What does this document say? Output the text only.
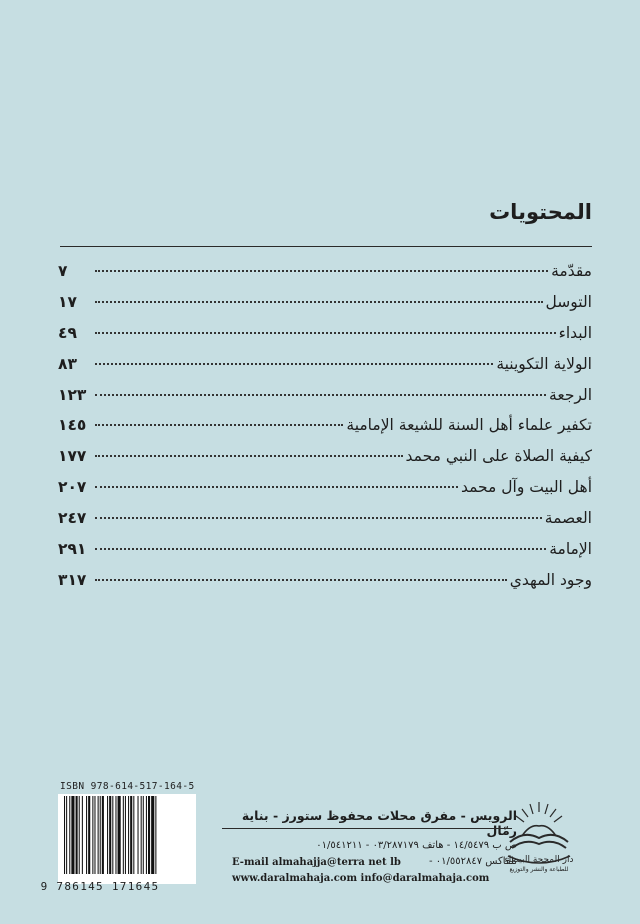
المحتويات
مقدّمة
٧
التوسل
١٧
البداء
٤٩
الولاية التكوينية
٨٣
الرجعة
١٢٣
تكفير علماء أهل السنة للشيعة الإمامية
١٤٥
كيفية الصلاة على النبي محمد
١٧٧
أهل البيت وآل محمد
٢٠٧
العصمة
٢٤٧
الإمامة
٢٩١
وجود المهدي
٣١٧
ISBN 978-614-517-164-5
9 786145 171645
الرويس - مفرق محلات محفوظ ستورز - بناية رمّال
ص ب ١٤/٥٤٧٩ - هاتف ٠٣/٢٨٧١٧٩ - ٠١/٥٤١٢١١
تلفاكس ٠١/٥٥٢٨٤٧ -
E-mail almahajja@terra net lb
www.daralmahaja.com info@daralmahaja.com
دار المحجة البيضاء
للطباعة والنشر والتوزيع
